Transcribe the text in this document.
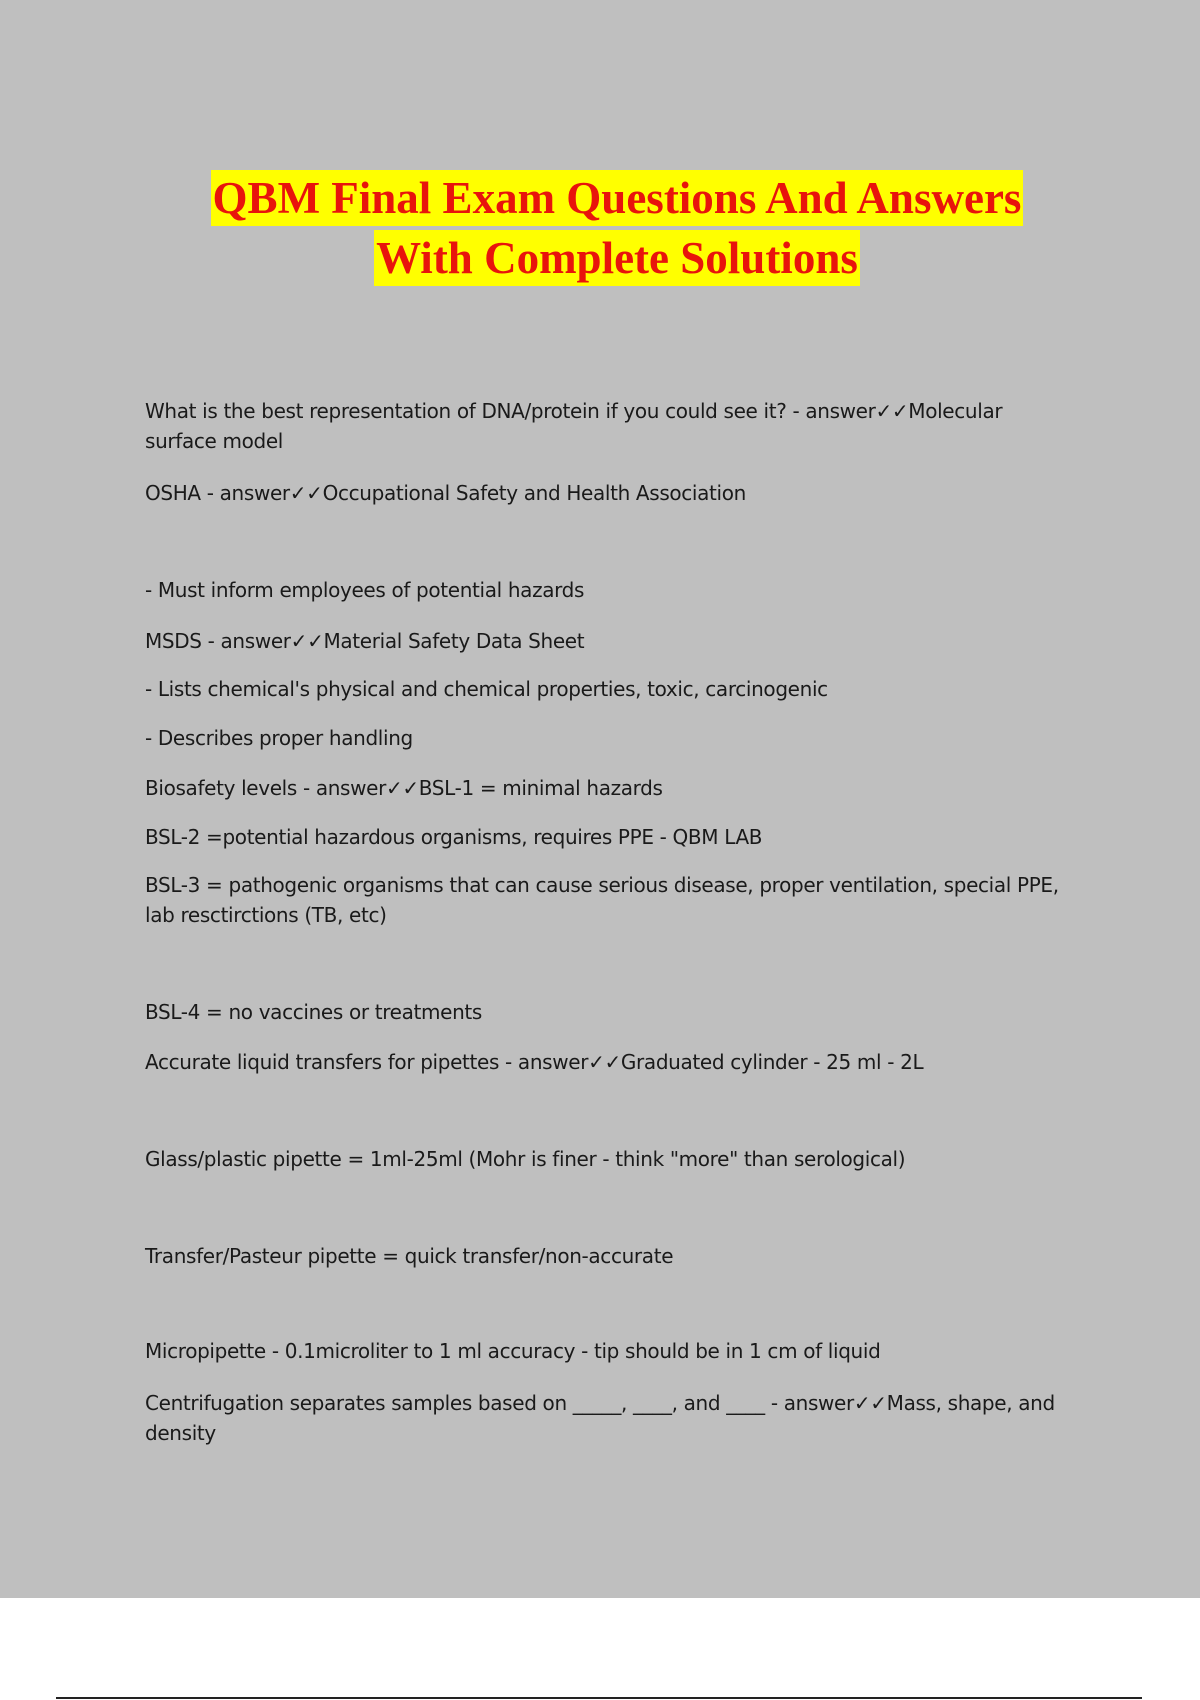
QBM Final Exam Questions And Answers
With Complete Solutions
What is the best representation of DNA/protein if you could see it? - answer✓✓Molecular surface model
OSHA - answer✓✓Occupational Safety and Health Association
- Must inform employees of potential hazards
MSDS - answer✓✓Material Safety Data Sheet
- Lists chemical's physical and chemical properties, toxic, carcinogenic
- Describes proper handling
Biosafety levels - answer✓✓BSL-1 = minimal hazards
BSL-2 =potential hazardous organisms, requires PPE - QBM LAB
BSL-3 = pathogenic organisms that can cause serious disease, proper ventilation, special PPE, lab resctirctions (TB, etc)
BSL-4 = no vaccines or treatments
Accurate liquid transfers for pipettes - answer✓✓Graduated cylinder - 25 ml - 2L
Glass/plastic pipette = 1ml-25ml (Mohr is finer - think "more" than serological)
Transfer/Pasteur pipette = quick transfer/non-accurate
Micropipette - 0.1microliter to 1 ml accuracy - tip should be in 1 cm of liquid
Centrifugation separates samples based on _____, ____, and ____ - answer✓✓Mass, shape, and density
